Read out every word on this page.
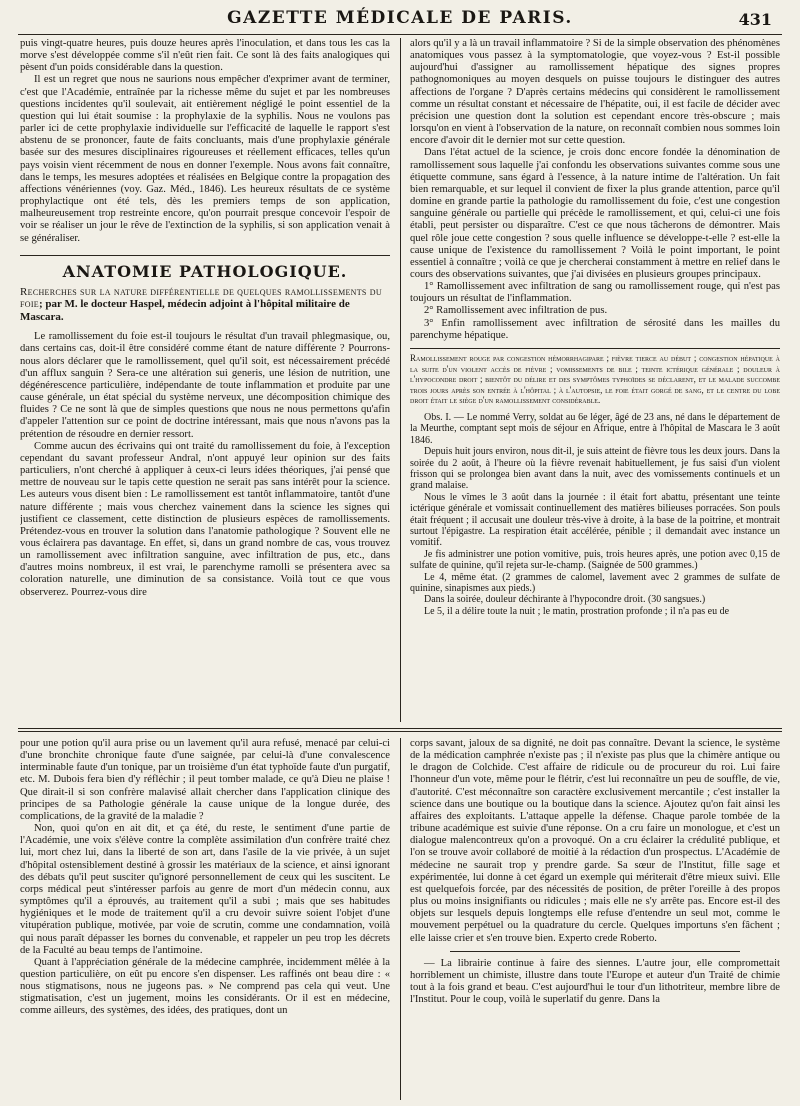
GAZETTE MÉDICALE DE PARIS.	431

puis vingt-quatre heures, puis douze heures après l'inoculation, et dans tous les cas la morve s'est développée comme s'il n'eût rien fait. Ce sont là des faits analogiques qui pèsent d'un poids considérable dans la question.

Il est un regret que nous ne saurions nous empêcher d'exprimer avant de terminer, c'est que l'Académie, entraînée par la richesse même du sujet et par les nombreuses questions incidentes qu'il soulevait, ait entièrement négligé le point essentiel de la question qui lui était soumise : la prophylaxie de la syphilis. Nous ne voulons pas parler ici de cette prophylaxie individuelle sur l'efficacité de laquelle le rapport s'est abstenu de se prononcer, faute de faits concluants, mais d'une prophylaxie générale basée sur des mesures disciplinaires rigoureuses et réellement efficaces, telles qu'un pays voisin vient récemment de nous en donner l'exemple. Nous avons fait connaître, dans le temps, les mesures adoptées et réalisées en Belgique contre la propagation des affections vénériennes (voy. Gaz. Méd., 1846). Les heureux résultats de ce système prophylactique ont été tels, dès les premiers temps de son application, malheureusement trop restreinte encore, qu'on pourrait presque concevoir l'espoir de voir se réaliser un jour le rêve de l'extinction de la syphilis, si son application venait à se généraliser.

ANATOMIE PATHOLOGIQUE.
Recherches sur la nature différentielle de quelques ramollissements du foie; par M. le docteur Haspel, médecin adjoint à l'hôpital militaire de Mascara.

Le ramollissement du foie est-il toujours le résultat d'un travail phlegmasique, ou, dans certains cas, doit-il être considéré comme étant de nature différente ? Pourrons-nous alors déclarer que le ramollissement, quel qu'il soit, est nécessairement précédé d'un afflux sanguin ? Sera-ce une altération sui generis, une lésion de nutrition, une dégénérescence particulière, indépendante de toute inflammation et produite par une cause générale, un état spécial du système nerveux, une décomposition chimique des fluides ? Ce ne sont là que de simples questions que nous ne nous permettons qu'afin d'appeler l'attention sur ce point de doctrine intéressant, mais que nous n'avons pas la prétention de résoudre en dernier ressort.

Comme aucun des écrivains qui ont traité du ramollissement du foie, à l'exception cependant du savant professeur Andral, n'ont appuyé leur opinion sur des faits particuliers, n'ont cherché à appliquer à ceux-ci leurs idées théoriques, j'ai pensé que mettre de nouveau sur le tapis cette question ne serait pas sans intérêt pour la science. Les auteurs vous disent bien : Le ramollissement est tantôt inflammatoire, tantôt d'une nature différente ; mais vous cherchez vainement dans la science les signes qui justifient ce classement, cette distinction de plusieurs espèces de ramollissements. Prétendez-vous en trouver la solution dans l'anatomie pathologique ? Souvent elle ne vous éclairera pas davantage. En effet, si, dans un grand nombre de cas, vous trouvez un ramollissement avec infiltration sanguine, avec infiltration de pus, etc., dans d'autres moins nombreux, il est vrai, le parenchyme ramolli se présentera avec sa coloration naturelle, une diminution de sa consistance. Voilà tout ce que vous observerez. Pourrez-vous dire

alors qu'il y a là un travail inflammatoire ? Si de la simple observation des phénomènes anatomiques vous passez à la symptomatologie, que voyez-vous ? Est-il possible aujourd'hui d'assigner au ramollissement hépatique des signes propres pathognomoniques au moyen desquels on puisse toujours le distinguer des autres affections de l'organe ? D'après certains médecins qui considèrent le ramollissement comme un résultat constant et nécessaire de l'hépatite, oui, il est facile de décider avec précision une question dont la solution est cependant encore très-obscure ; mais lorsqu'on en vient à l'observation de la nature, on reconnaît combien nous sommes loin encore d'avoir dit le dernier mot sur cette question.

Dans l'état actuel de la science, je crois donc encore fondée la dénomination de ramollissement sous laquelle j'ai confondu les observations suivantes comme sous une étiquette commune, sans égard à l'essence, à la nature intime de l'altération. Un fait bien remarquable, et sur lequel il convient de fixer la plus grande attention, parce qu'il domine en grande partie la pathologie du ramollissement du foie, c'est une congestion sanguine générale ou partielle qui précède le ramollissement, et qui, celui-ci une fois établi, peut persister ou disparaître. C'est ce que nous tâcherons de démontrer. Mais quel rôle joue cette congestion ? sous quelle influence se développe-t-elle ? est-elle la cause unique de l'existence du ramollissement ? Voilà le point important, le point essentiel à connaître ; voilà ce que je chercherai constamment à mettre en relief dans le cours des observations suivantes, que j'ai divisées en plusieurs groupes principaux.

1° Ramollissement avec infiltration de sang ou ramollissement rouge, qui n'est pas toujours un résultat de l'inflammation.

2° Ramollissement avec infiltration de pus.

3° Enfin ramollissement avec infiltration de sérosité dans les mailles du parenchyme hépatique.

Ramollissement rouge par congestion hémorrhagipare ; fièvre tierce au début ; congestion hépatique à la suite d'un violent accès de fièvre ; vomissements de bile ; teinte ictérique générale ; douleur à l'hypocondre droit ; bientôt du délire et des symptômes typhoïdes se déclarent, et le malade succombe trois jours après son entrée à l'hôpital ; à l'autopsie, le foie était gorgé de sang, et le centre du lobe droit était le siége d'un ramollissement considérable.

Obs. I. — Le nommé Verry, soldat au 6e léger, âgé de 23 ans, né dans le département de la Meurthe, comptant sept mois de séjour en Afrique, entre à l'hôpital de Mascara le 3 août 1846.

Depuis huit jours environ, nous dit-il, je suis atteint de fièvre tous les deux jours. Dans la soirée du 2 août, à l'heure où la fièvre revenait habituellement, je fus saisi d'un violent frisson qui se prolongea bien avant dans la nuit, avec des vomissements continuels et un grand malaise.

Nous le vîmes le 3 août dans la journée : il était fort abattu, présentant une teinte ictérique générale et vomissait continuellement des matières bilieuses porracées. Son pouls était fréquent ; il accusait une douleur très-vive à droite, à la base de la poitrine, et montrait surtout l'épigastre. La respiration était accélérée, pénible ; il demandait avec instance un vomitif.

Je fis administrer une potion vomitive, puis, trois heures après, une potion avec 0,15 de sulfate de quinine, qu'il rejeta sur-le-champ. (Saignée de 500 grammes.)

Le 4, même état. (2 grammes de calomel, lavement avec 2 grammes de sulfate de quinine, sinapismes aux pieds.)

Dans la soirée, douleur déchirante à l'hypocondre droit. (30 sangsues.)

Le 5, il a délire toute la nuit ; le matin, prostration profonde ; il n'a pas eu de

pour une potion qu'il aura prise ou un lavement qu'il aura refusé, menacé par celui-ci d'une bronchite chronique faute d'une saignée, par celui-là d'une convalescence interminable faute d'un tonique, par un troisième d'un état typhoïde faute d'un purgatif, etc. M. Dubois fera bien d'y réfléchir ; il peut tomber malade, ce qu'à Dieu ne plaise ! Que dirait-il si son confrère malavisé allait chercher dans l'application clinique des principes de sa Pathologie générale la cause unique de la longue durée, des complications, de la gravité de la maladie ?

Non, quoi qu'on en ait dit, et ça été, du reste, le sentiment d'une partie de l'Académie, une voix s'élève contre la complète assimilation d'un confrère traité chez lui, mort chez lui, dans la liberté de son art, dans l'asile de la vie privée, à un sujet d'hôpital ostensiblement destiné à grossir les matériaux de la science, et ainsi ignorant des débats qu'il peut susciter qu'ignoré personnellement de ceux qui les suscitent. Le corps médical peut s'intéresser parfois au genre de mort d'un médecin connu, aux symptômes qu'il a éprouvés, au traitement qu'il a subi ; mais que ses habitudes hygiéniques et le mode de traitement qu'il a cru devoir suivre soient l'objet d'une vitupération publique, motivée, par voie de scrutin, comme une condamnation, voilà qui nous paraît dépasser les bornes du convenable, et rappeler un peu trop les décrets de la Faculté au beau temps de l'antimoine.

Quant à l'appréciation générale de la médecine camphrée, incidemment mêlée à la question particulière, on eût pu encore s'en dispenser. Les raffinés ont beau dire : « nous stigmatisons, nous ne jugeons pas. » Ne comprend pas cela qui veut. Une stigmatisation, c'est un jugement, moins les considérants. Or il est en médecine, comme ailleurs, des systèmes, des idées, des pratiques, dont un

corps savant, jaloux de sa dignité, ne doit pas connaître. Devant la science, le système de la médication camphrée n'existe pas ; il n'existe pas plus que la chimère antique ou le dragon de Colchide. C'est affaire de ridicule ou de procureur du roi. Lui faire l'honneur d'un vote, même pour le flétrir, c'est lui reconnaître un peu de souffle, de vie, d'autorité. C'est méconnaître son caractère exclusivement mercantile ; c'est installer la science dans une boutique ou la boutique dans la science. Ajoutez qu'on fait ainsi les affaires des exploitants. L'attaque appelle la défense. Chaque parole tombée de la tribune académique est suivie d'une réponse. On a cru faire un monologue, et c'est un dialogue malencontreux qu'on a provoqué. On a cru éclairer la crédulité publique, et l'on se trouve avoir collaboré de moitié à la rédaction d'un prospectus. L'Académie de médecine ne saurait trop y prendre garde. Sa sœur de l'Institut, fille sage et expérimentée, lui donne à cet égard un exemple qui mériterait d'être mieux suivi. Elle est quelquefois forcée, par des nécessités de position, de prêter l'oreille à des propos plus ou moins insignifiants ou ridicules ; mais elle ne s'y arrête pas. Encore est-il des objets sur lesquels depuis longtemps elle refuse d'entendre un seul mot, comme le mouvement perpétuel ou la quadrature du cercle. Quelques importuns s'en fâchent ; elle laisse crier et s'en trouve bien. Experto crede Roberto.

— La librairie continue à faire des siennes. L'autre jour, elle compromettait horriblement un chimiste, illustre dans toute l'Europe et auteur d'un Traité de chimie tout à la fois grand et beau. C'est aujourd'hui le tour d'un lithotriteur, membre libre de l'Institut. Pour le coup, voilà le superlatif du genre. Dans la
